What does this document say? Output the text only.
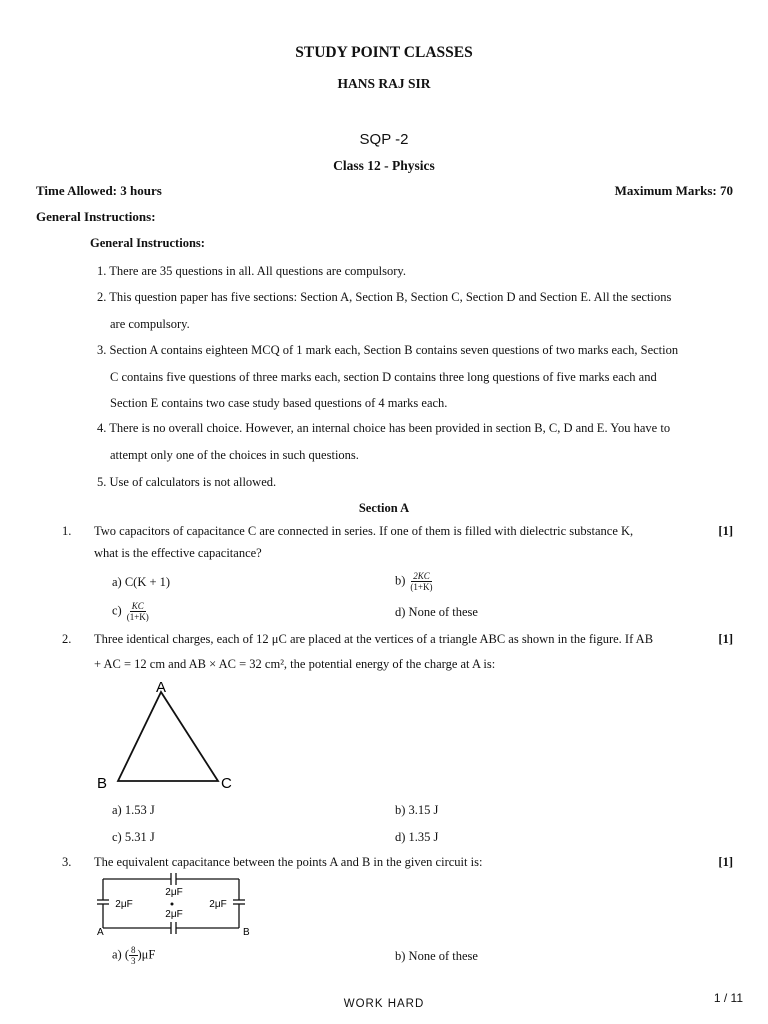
STUDY POINT CLASSES
HANS RAJ SIR
SQP -2
Class 12 - Physics
Time Allowed: 3 hours	Maximum Marks: 70
General Instructions:
General Instructions:
1. There are 35 questions in all. All questions are compulsory.
2. This question paper has five sections: Section A, Section B, Section C, Section D and Section E. All the sections
are compulsory.
3. Section A contains eighteen MCQ of 1 mark each, Section B contains seven questions of two marks each, Section
C contains five questions of three marks each, section D contains three long questions of five marks each and
Section E contains two case study based questions of 4 marks each.
4. There is no overall choice. However, an internal choice has been provided in section B, C, D and E. You have to
attempt only one of the choices in such questions.
5. Use of calculators is not allowed.
Section A
1. Two capacitors of capacitance C are connected in series. If one of them is filled with dielectric substance K,
what is the effective capacitance?
[1]
a) C(K + 1)	$b) \frac{2KC}{(1+K)}$
$c) \frac{KC}{(1+K)}$	d) None of these
2. Three identical charges, each of 12 μC are placed at the vertices of a triangle ABC as shown in the figure. If AB
+ AC = 12 cm and AB × AC = 32 cm², the potential energy of the charge at A is:
[1]
A
B	C
a) 1.53 J	b) 3.15 J
c) 5.31 J	d) 1.35 J
3. The equivalent capacitance between the points A and B in the given circuit is:	[1]
2μF
2μF
2μF	2μF
A	B
a) ( $\frac{8}{3} )\mu F$	b) None of these
WORK HARD	1 / 11
